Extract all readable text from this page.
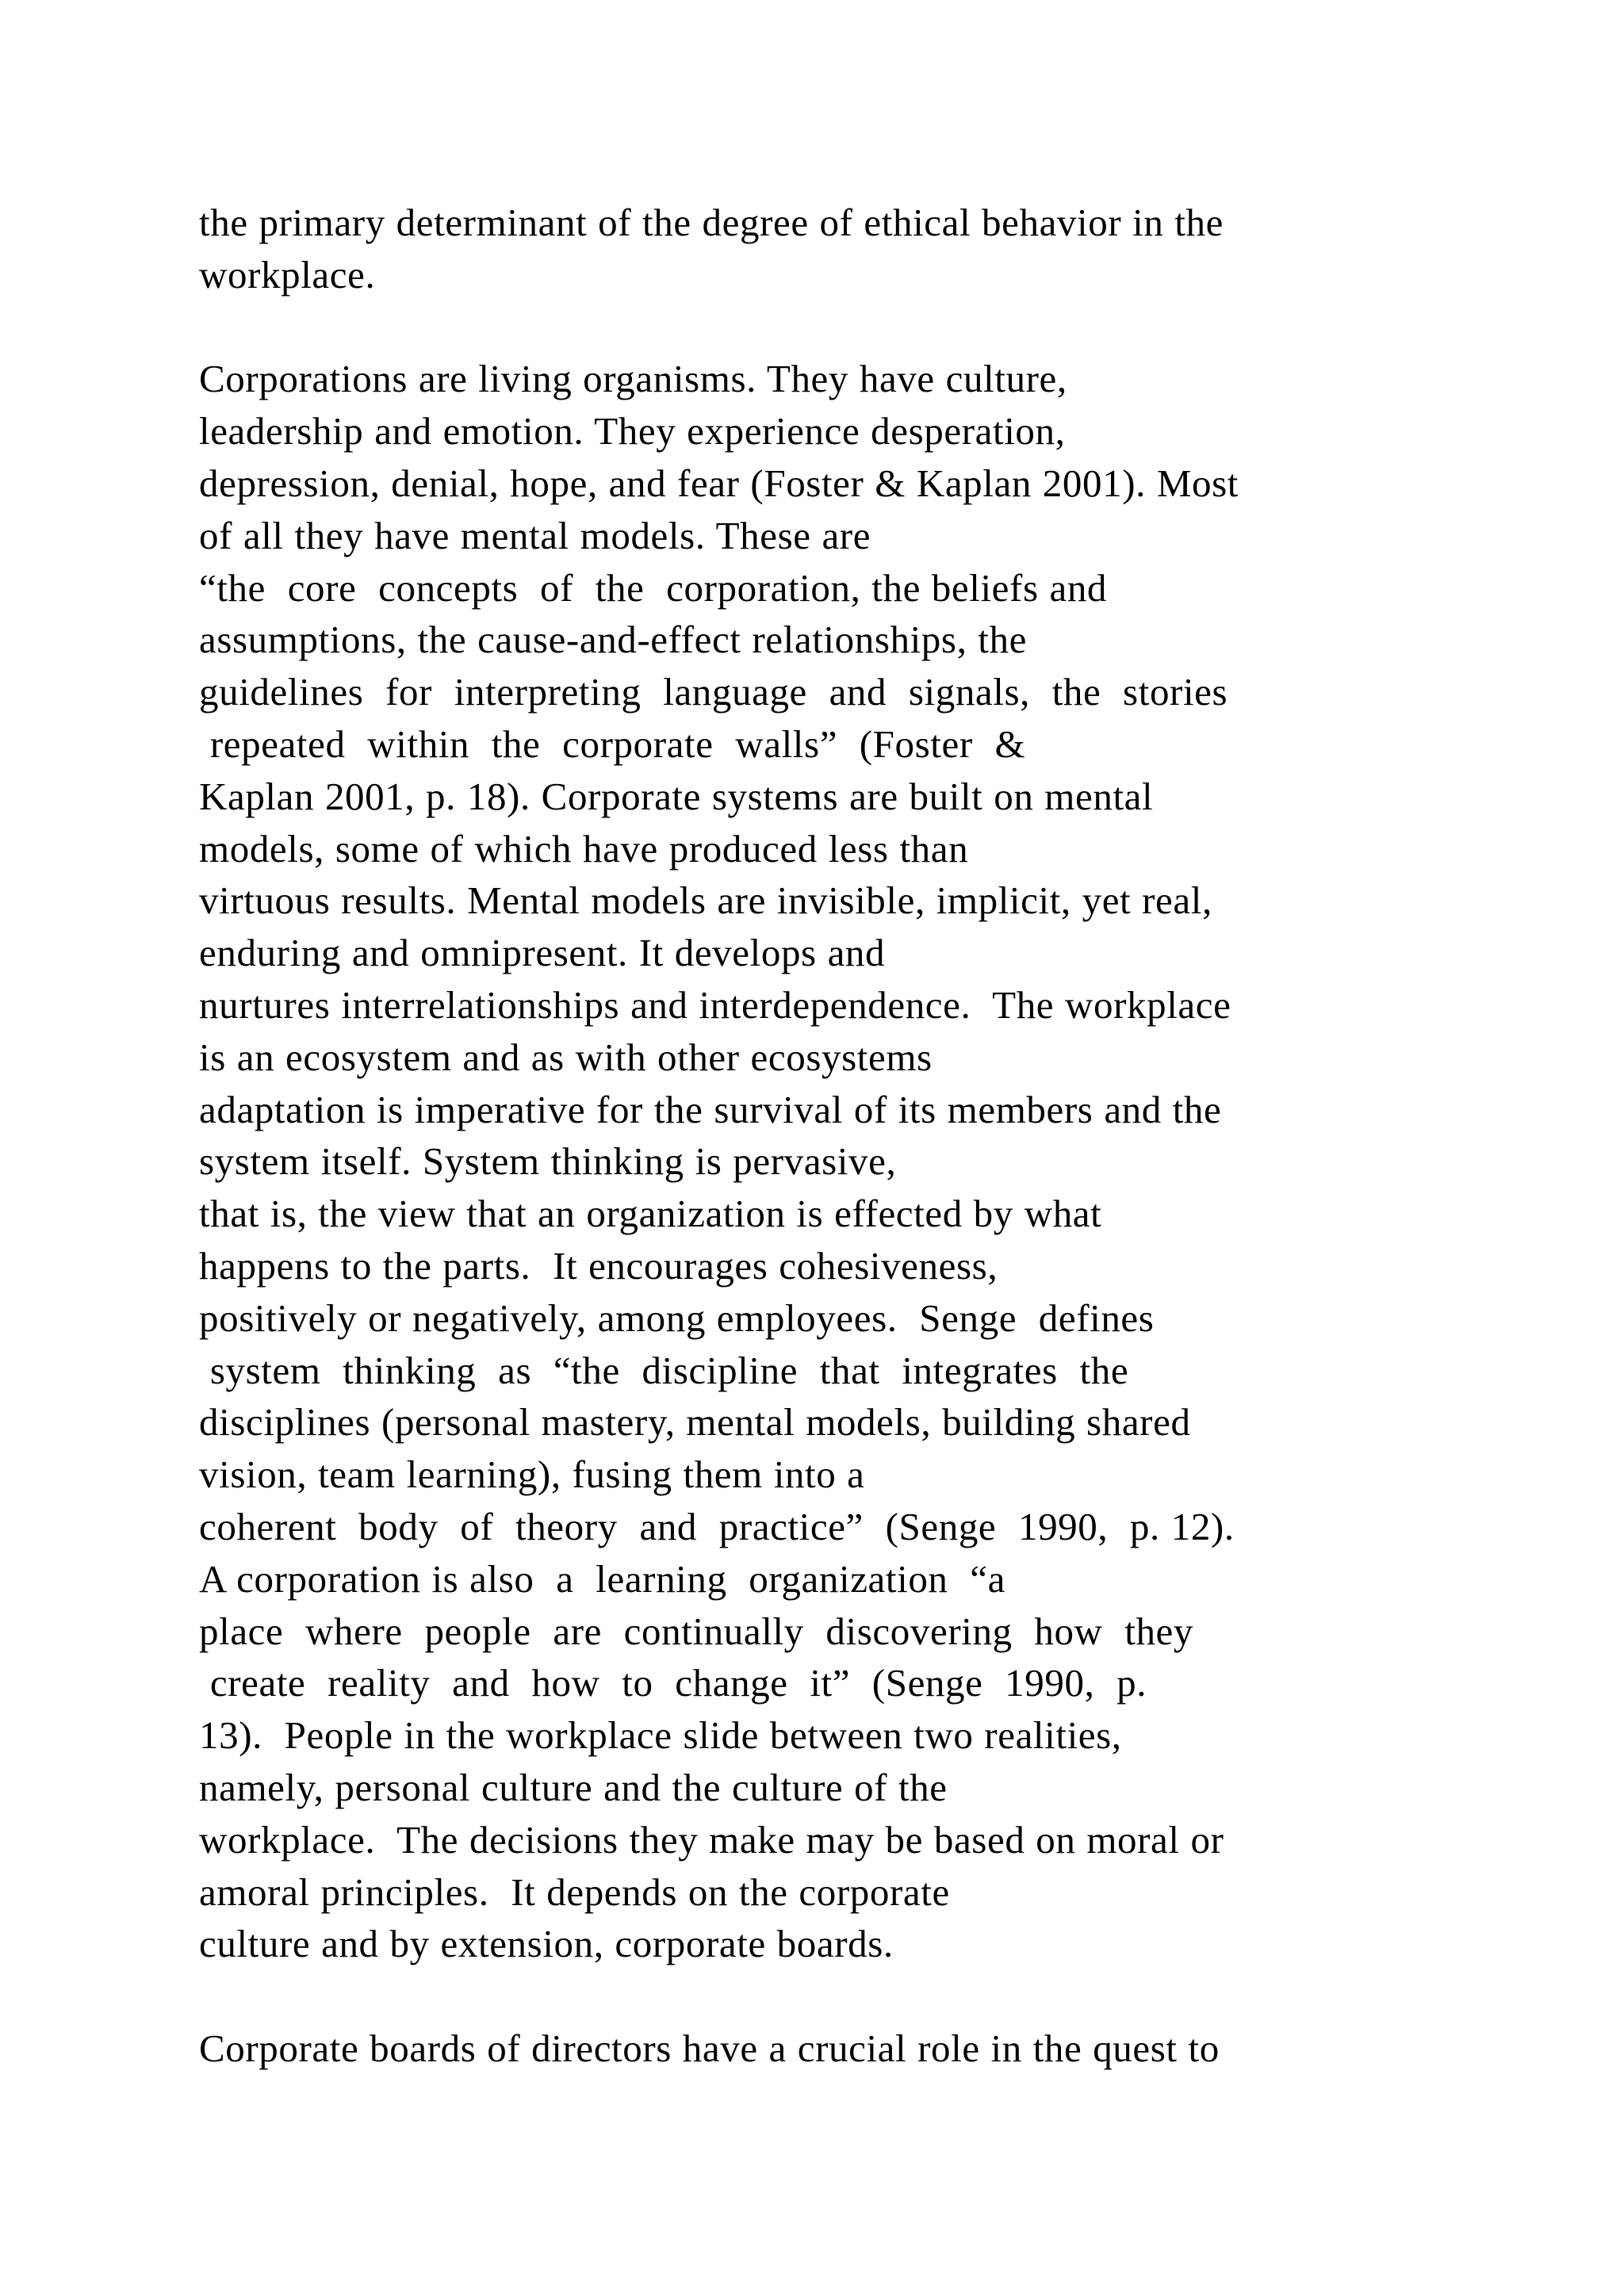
the primary determinant of the degree of ethical behavior in the
workplace.
Corporations are living organisms. They have culture,
leadership and emotion. They experience desperation,
depression, denial, hope, and fear (Foster & Kaplan 2001). Most
of all they have mental models. These are
“the  core  concepts  of  the  corporation, the beliefs and
assumptions, the cause-and-effect relationships, the
guidelines  for  interpreting  language  and  signals,  the  stories
repeated  within  the  corporate  walls”  (Foster  &
Kaplan 2001, p. 18). Corporate systems are built on mental
models, some of which have produced less than
virtuous results. Mental models are invisible, implicit, yet real,
enduring and omnipresent. It develops and
nurtures interrelationships and interdependence.  The workplace
is an ecosystem and as with other ecosystems
adaptation is imperative for the survival of its members and the
system itself. System thinking is pervasive,
that is, the view that an organization is effected by what
happens to the parts.  It encourages cohesiveness,
positively or negatively, among employees.  Senge  defines
system  thinking  as  “the  discipline  that  integrates  the
disciplines (personal mastery, mental models, building shared
vision, team learning), fusing them into a
coherent  body  of  theory  and  practice”  (Senge  1990,  p. 12).
A corporation is also  a  learning  organization  “a
place  where  people  are  continually  discovering  how  they
create  reality  and  how  to  change  it”  (Senge  1990,  p.
13).  People in the workplace slide between two realities,
namely, personal culture and the culture of the
workplace.  The decisions they make may be based on moral or
amoral principles.  It depends on the corporate
culture and by extension, corporate boards.
Corporate boards of directors have a crucial role in the quest to
